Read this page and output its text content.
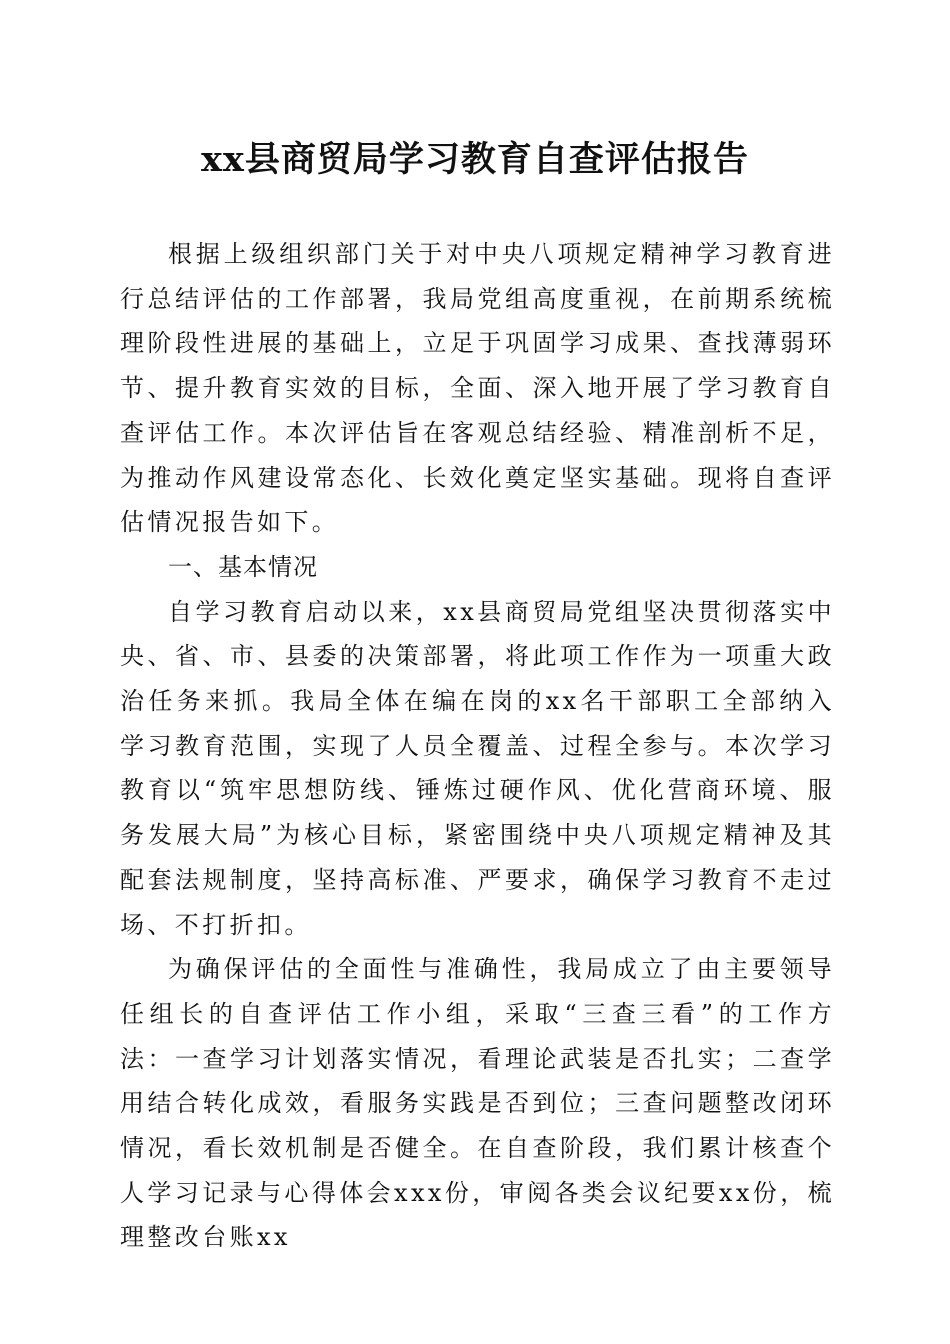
xx县商贸局学习教育自查评估报告

根据上级组织部门关于对中央八项规定精神学习教育进行总结评估的工作部署，我局党组高度重视，在前期系统梳理阶段性进展的基础上，立足于巩固学习成果、查找薄弱环节、提升教育实效的目标，全面、深入地开展了学习教育自查评估工作。本次评估旨在客观总结经验、精准剖析不足，为推动作风建设常态化、长效化奠定坚实基础。现将自查评估情况报告如下。

一、基本情况

自学习教育启动以来，xx县商贸局党组坚决贯彻落实中央、省、市、县委的决策部署，将此项工作作为一项重大政治任务来抓。我局全体在编在岗的xx名干部职工全部纳入学习教育范围，实现了人员全覆盖、过程全参与。本次学习教育以“筑牢思想防线、锤炼过硬作风、优化营商环境、服务发展大局”为核心目标，紧密围绕中央八项规定精神及其配套法规制度，坚持高标准、严要求，确保学习教育不走过场、不打折扣。

为确保评估的全面性与准确性，我局成立了由主要领导任组长的自查评估工作小组，采取“三查三看”的工作方法：一查学习计划落实情况，看理论武装是否扎实；二查学用结合转化成效，看服务实践是否到位；三查问题整改闭环情况，看长效机制是否健全。在自查阶段，我们累计核查个人学习记录与心得体会xxx份，审阅各类会议纪要xx份，梳理整改台账xx
